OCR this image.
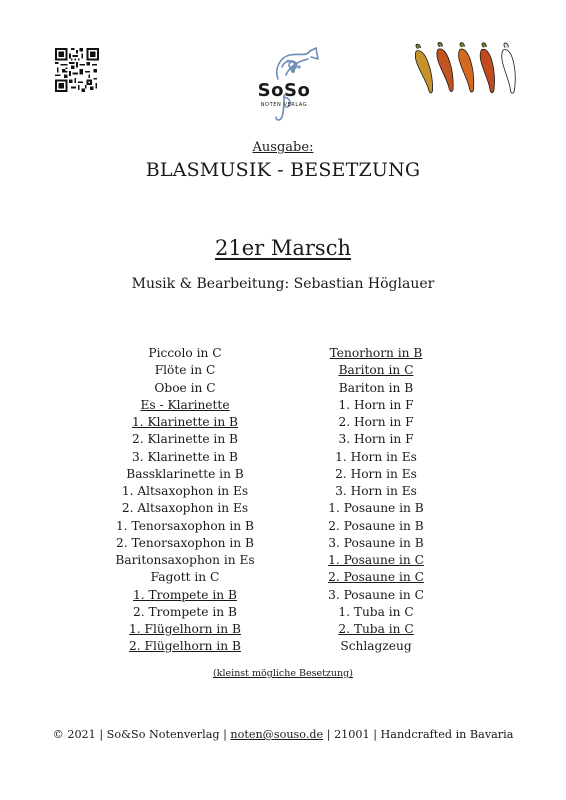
SoSo
NOTEN VERLAG
Ausgabe:
BLASMUSIK - BESETZUNG
21er Marsch
Musik & Bearbeitung: Sebastian Höglauer
Piccolo in C
Flöte in C
Oboe in C
Es - Klarinette
1. Klarinette in B
2. Klarinette in B
3. Klarinette in B
Bassklarinette in B
1. Altsaxophon in Es
2. Altsaxophon in Es
1. Tenorsaxophon in B
2. Tenorsaxophon in B
Baritonsaxophon in Es
Fagott in C
1. Trompete in B
2. Trompete in B
1. Flügelhorn in B
2. Flügelhorn in B
Tenorhorn in B
Bariton in C
Bariton in B
1. Horn in F
2. Horn in F
3. Horn in F
1. Horn in Es
2. Horn in Es
3. Horn in Es
1. Posaune in B
2. Posaune in B
3. Posaune in B
1. Posaune in C
2. Posaune in C
3. Posaune in C
1. Tuba in C
2. Tuba in C
Schlagzeug
(kleinst mögliche Besetzung)
© 2021 | So&So Notenverlag | noten@souso.de | 21001 | Handcrafted in Bavaria
